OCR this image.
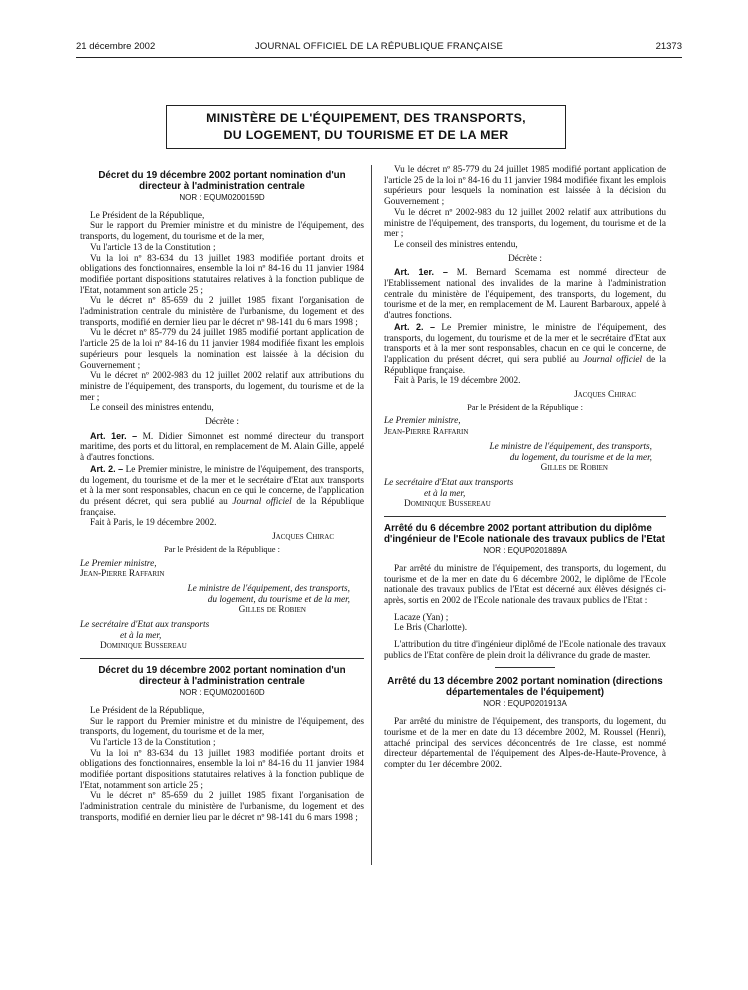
21 décembre 2002	JOURNAL OFFICIEL DE LA RÉPUBLIQUE FRANÇAISE	21373
MINISTÈRE DE L'ÉQUIPEMENT, DES TRANSPORTS,
DU LOGEMENT, DU TOURISME ET DE LA MER
Décret du 19 décembre 2002 portant nomination d'un directeur à l'administration centrale
NOR : EQUM0200159D

Le Président de la République,

Sur le rapport du Premier ministre et du ministre de l'équipement, des transports, du logement, du tourisme et de la mer,

Vu l'article 13 de la Constitution ;

Vu la loi nº 83-634 du 13 juillet 1983 modifiée portant droits et obligations des fonctionnaires, ensemble la loi nº 84-16 du 11 janvier 1984 modifiée portant dispositions statutaires relatives à la fonction publique de l'Etat, notamment son article 25 ;

Vu le décret nº 85-659 du 2 juillet 1985 fixant l'organisation de l'administration centrale du ministère de l'urbanisme, du logement et des transports, modifié en dernier lieu par le décret nº 98-141 du 6 mars 1998 ;

Vu le décret nº 85-779 du 24 juillet 1985 modifié portant application de l'article 25 de la loi nº 84-16 du 11 janvier 1984 modifiée fixant les emplois supérieurs pour lesquels la nomination est laissée à la décision du Gouvernement ;

Vu le décret nº 2002-983 du 12 juillet 2002 relatif aux attributions du ministre de l'équipement, des transports, du logement, du tourisme et de la mer ;

Le conseil des ministres entendu,

Décrète :

Art. 1er. – M. Didier Simonnet est nommé directeur du transport maritime, des ports et du littoral, en remplacement de M. Alain Gille, appelé à d'autres fonctions.

Art. 2. – Le Premier ministre, le ministre de l'équipement, des transports, du logement, du tourisme et de la mer et le secrétaire d'Etat aux transports et à la mer sont responsables, chacun en ce qui le concerne, de l'application du présent décret, qui sera publié au Journal officiel de la République française.

Fait à Paris, le 19 décembre 2002.

Jacques Chirac
Par le Président de la République :
Le Premier ministre,
Jean-Pierre Raffarin
Le ministre de l'équipement, des transports,
du logement, du tourisme et de la mer,
Gilles de Robien
Le secrétaire d'Etat aux transports
et à la mer,
Dominique Bussereau
Décret du 19 décembre 2002 portant nomination d'un directeur à l'administration centrale
NOR : EQUM0200160D

Le Président de la République,

Sur le rapport du Premier ministre et du ministre de l'équipement, des transports, du logement, du tourisme et de la mer,

Vu l'article 13 de la Constitution ;

Vu la loi nº 83-634 du 13 juillet 1983 modifiée portant droits et obligations des fonctionnaires, ensemble la loi nº 84-16 du 11 janvier 1984 modifiée portant dispositions statutaires relatives à la fonction publique de l'Etat, notamment son article 25 ;

Vu le décret nº 85-659 du 2 juillet 1985 fixant l'organisation de l'administration centrale du ministère de l'urbanisme, du logement et des transports, modifié en dernier lieu par le décret nº 98-141 du 6 mars 1998 ;

Vu le décret nº 85-779 du 24 juillet 1985 modifié portant application de l'article 25 de la loi nº 84-16 du 11 janvier 1984 modifiée fixant les emplois supérieurs pour lesquels la nomination est laissée à la décision du Gouvernement ;

Vu le décret nº 2002-983 du 12 juillet 2002 relatif aux attributions du ministre de l'équipement, des transports, du logement, du tourisme et de la mer ;

Le conseil des ministres entendu,

Décrète :

Art. 1er. – M. Bernard Scemama est nommé directeur de l'Etablissement national des invalides de la marine à l'administration centrale du ministère de l'équipement, des transports, du logement, du tourisme et de la mer, en remplacement de M. Laurent Barbaroux, appelé à d'autres fonctions.

Art. 2. – Le Premier ministre, le ministre de l'équipement, des transports, du logement, du tourisme et de la mer et le secrétaire d'Etat aux transports et à la mer sont responsables, chacun en ce qui le concerne, de l'application du présent décret, qui sera publié au Journal officiel de la République française.

Fait à Paris, le 19 décembre 2002.

Jacques Chirac
Par le Président de la République :
Le Premier ministre,
Jean-Pierre Raffarin
Le ministre de l'équipement, des transports,
du logement, du tourisme et de la mer,
Gilles de Robien
Le secrétaire d'Etat aux transports
et à la mer,
Dominique Bussereau
Arrêté du 6 décembre 2002 portant attribution du diplôme d'ingénieur de l'Ecole nationale des travaux publics de l'Etat
NOR : EQUP0201889A

Par arrêté du ministre de l'équipement, des transports, du logement, du tourisme et de la mer en date du 6 décembre 2002, le diplôme de l'Ecole nationale des travaux publics de l'Etat est décerné aux élèves désignés ci-après, sortis en 2002 de l'Ecole nationale des travaux publics de l'Etat :

Lacaze (Yan) ;

Le Bris (Charlotte).

L'attribution du titre d'ingénieur diplômé de l'Ecole nationale des travaux publics de l'Etat confère de plein droit la délivrance du grade de master.

Arrêté du 13 décembre 2002 portant nomination (directions départementales de l'équipement)
NOR : EQUP0201913A

Par arrêté du ministre de l'équipement, des transports, du logement, du tourisme et de la mer en date du 13 décembre 2002, M. Roussel (Henri), attaché principal des services déconcentrés de 1re classe, est nommé directeur départemental de l'équipement des Alpes-de-Haute-Provence, à compter du 1er décembre 2002.
